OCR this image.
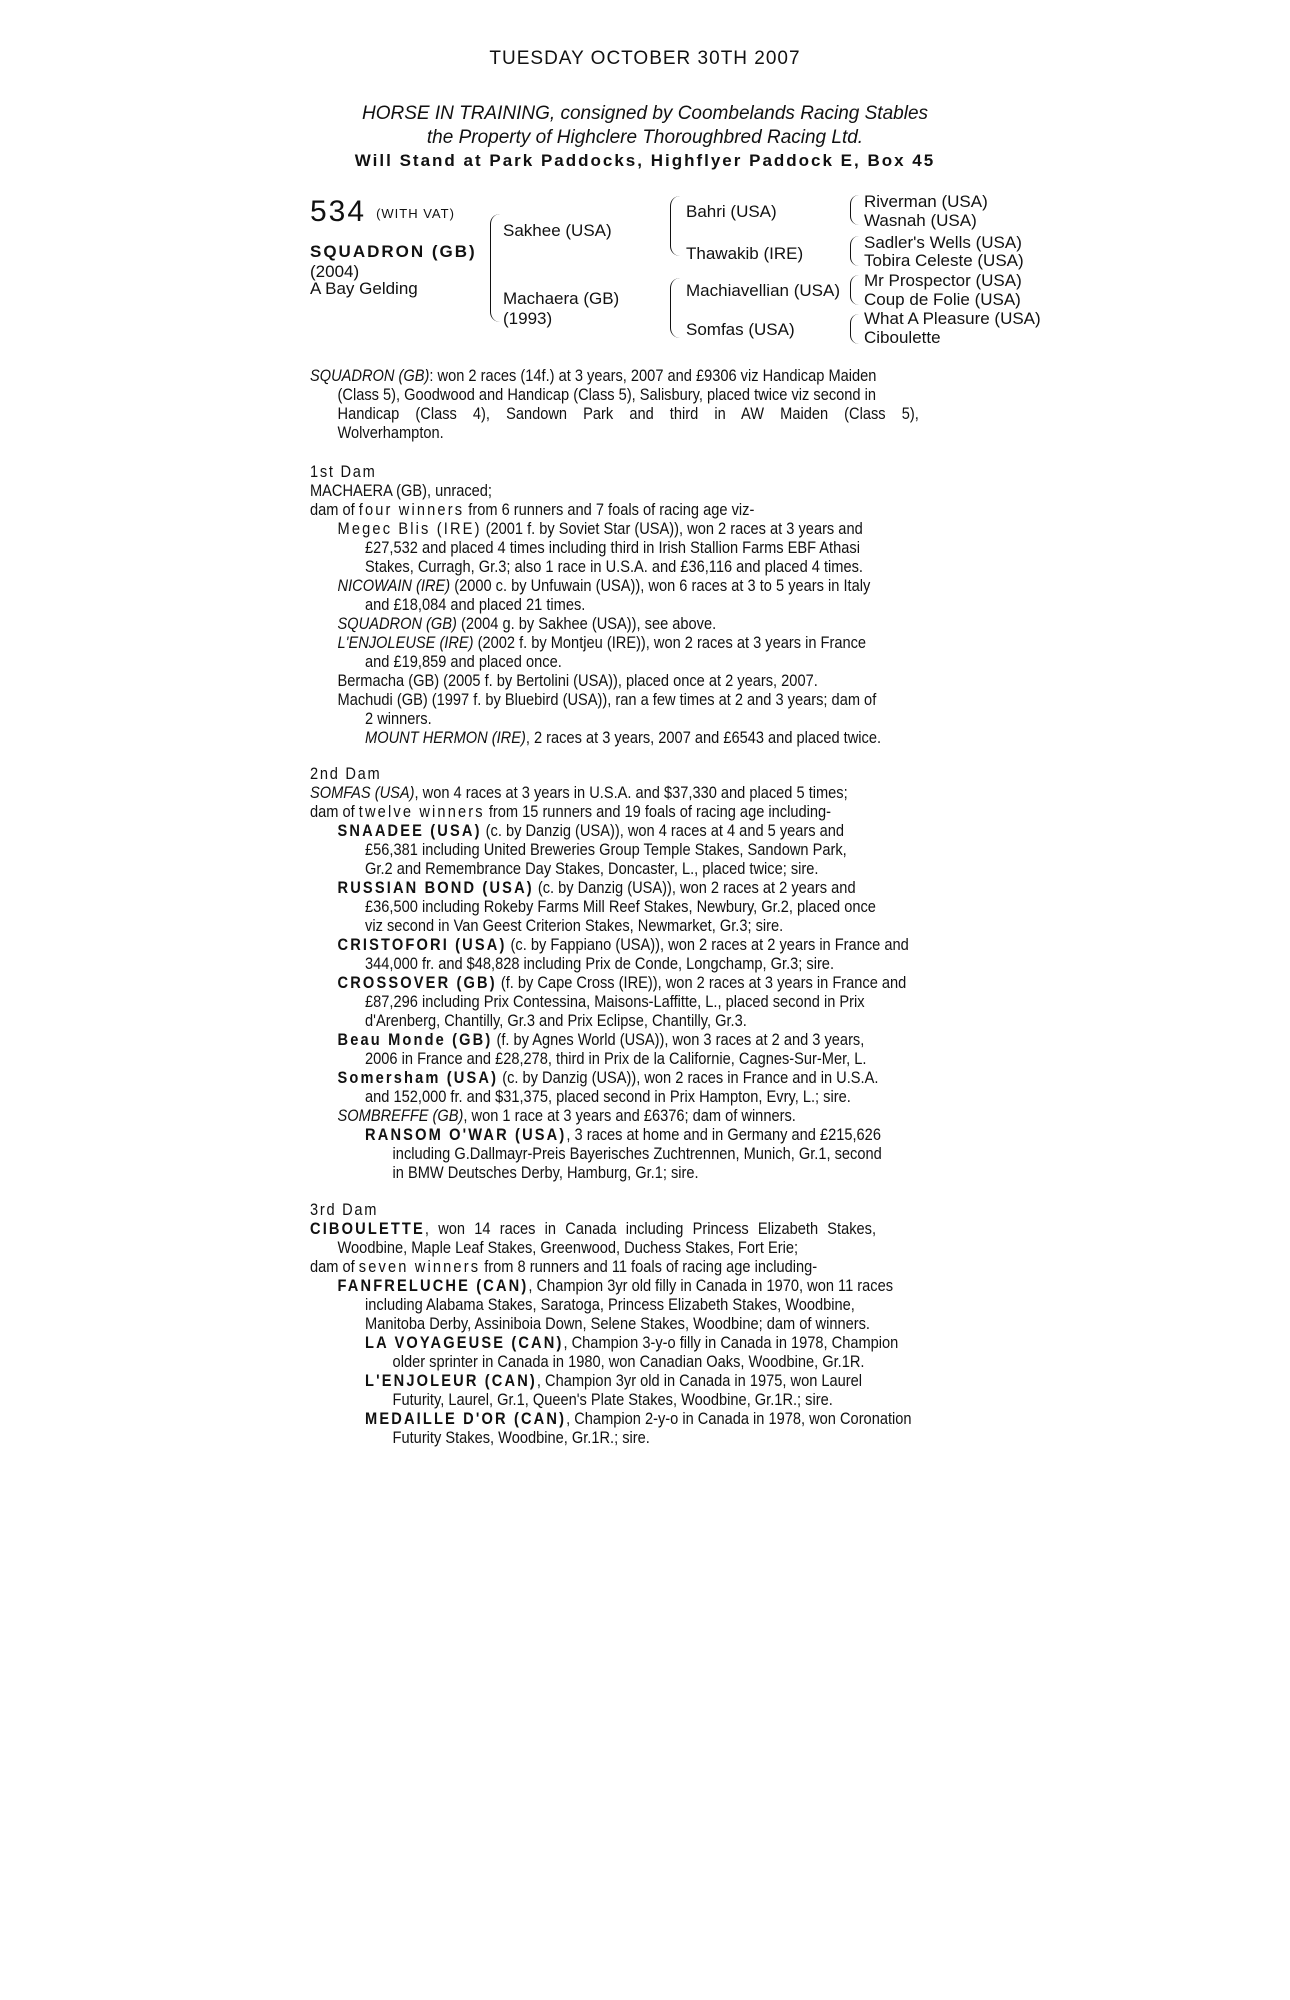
TUESDAY OCTOBER 30TH 2007
HORSE IN TRAINING, consigned by Coombelands Racing Stables
the Property of Highclere Thoroughbred Racing Ltd.
Will Stand at Park Paddocks, Highflyer Paddock E, Box 45
534 (WITH VAT)
SQUADRON (GB)
(2004)
A Bay Gelding
Sakhee (USA)
Machaera (GB)
(1993)
Bahri (USA)
Thawakib (IRE)
Machiavellian (USA)
Somfas (USA)
Riverman (USA)
Wasnah (USA)
Sadler's Wells (USA)
Tobira Celeste (USA)
Mr Prospector (USA)
Coup de Folie (USA)
What A Pleasure (USA)
Ciboulette
SQUADRON (GB): won 2 races (14f.) at 3 years, 2007 and £9306 viz Handicap Maiden
(Class 5), Goodwood and Handicap (Class 5), Salisbury, placed twice viz second in
Handicap (Class 4), Sandown Park and third in AW Maiden (Class 5),
Wolverhampton.
1st Dam
MACHAERA (GB), unraced;
dam of four winners from 6 runners and 7 foals of racing age viz-
Megec Blis (IRE) (2001 f. by Soviet Star (USA)), won 2 races at 3 years and
£27,532 and placed 4 times including third in Irish Stallion Farms EBF Athasi
Stakes, Curragh, Gr.3; also 1 race in U.S.A. and £36,116 and placed 4 times.
NICOWAIN (IRE) (2000 c. by Unfuwain (USA)), won 6 races at 3 to 5 years in Italy
and £18,084 and placed 21 times.
SQUADRON (GB) (2004 g. by Sakhee (USA)), see above.
L'ENJOLEUSE (IRE) (2002 f. by Montjeu (IRE)), won 2 races at 3 years in France
and £19,859 and placed once.
Bermacha (GB) (2005 f. by Bertolini (USA)), placed once at 2 years, 2007.
Machudi (GB) (1997 f. by Bluebird (USA)), ran a few times at 2 and 3 years; dam of
2 winners.
MOUNT HERMON (IRE), 2 races at 3 years, 2007 and £6543 and placed twice.
2nd Dam
SOMFAS (USA), won 4 races at 3 years in U.S.A. and $37,330 and placed 5 times;
dam of twelve winners from 15 runners and 19 foals of racing age including-
SNAADEE (USA) (c. by Danzig (USA)), won 4 races at 4 and 5 years and
£56,381 including United Breweries Group Temple Stakes, Sandown Park,
Gr.2 and Remembrance Day Stakes, Doncaster, L., placed twice; sire.
RUSSIAN BOND (USA) (c. by Danzig (USA)), won 2 races at 2 years and
£36,500 including Rokeby Farms Mill Reef Stakes, Newbury, Gr.2, placed once
viz second in Van Geest Criterion Stakes, Newmarket, Gr.3; sire.
CRISTOFORI (USA) (c. by Fappiano (USA)), won 2 races at 2 years in France and
344,000 fr. and $48,828 including Prix de Conde, Longchamp, Gr.3; sire.
CROSSOVER (GB) (f. by Cape Cross (IRE)), won 2 races at 3 years in France and
£87,296 including Prix Contessina, Maisons-Laffitte, L., placed second in Prix
d'Arenberg, Chantilly, Gr.3 and Prix Eclipse, Chantilly, Gr.3.
Beau Monde (GB) (f. by Agnes World (USA)), won 3 races at 2 and 3 years,
2006 in France and £28,278, third in Prix de la Californie, Cagnes-Sur-Mer, L.
Somersham (USA) (c. by Danzig (USA)), won 2 races in France and in U.S.A.
and 152,000 fr. and $31,375, placed second in Prix Hampton, Evry, L.; sire.
SOMBREFFE (GB), won 1 race at 3 years and £6376; dam of winners.
RANSOM O'WAR (USA), 3 races at home and in Germany and £215,626
including G.Dallmayr-Preis Bayerisches Zuchtrennen, Munich, Gr.1, second
in BMW Deutsches Derby, Hamburg, Gr.1; sire.
3rd Dam
CIBOULETTE, won 14 races in Canada including Princess Elizabeth Stakes,
Woodbine, Maple Leaf Stakes, Greenwood, Duchess Stakes, Fort Erie;
dam of seven winners from 8 runners and 11 foals of racing age including-
FANFRELUCHE (CAN), Champion 3yr old filly in Canada in 1970, won 11 races
including Alabama Stakes, Saratoga, Princess Elizabeth Stakes, Woodbine,
Manitoba Derby, Assiniboia Down, Selene Stakes, Woodbine; dam of winners.
LA VOYAGEUSE (CAN), Champion 3-y-o filly in Canada in 1978, Champion
older sprinter in Canada in 1980, won Canadian Oaks, Woodbine, Gr.1R.
L'ENJOLEUR (CAN), Champion 3yr old in Canada in 1975, won Laurel
Futurity, Laurel, Gr.1, Queen's Plate Stakes, Woodbine, Gr.1R.; sire.
MEDAILLE D'OR (CAN), Champion 2-y-o in Canada in 1978, won Coronation
Futurity Stakes, Woodbine, Gr.1R.; sire.
